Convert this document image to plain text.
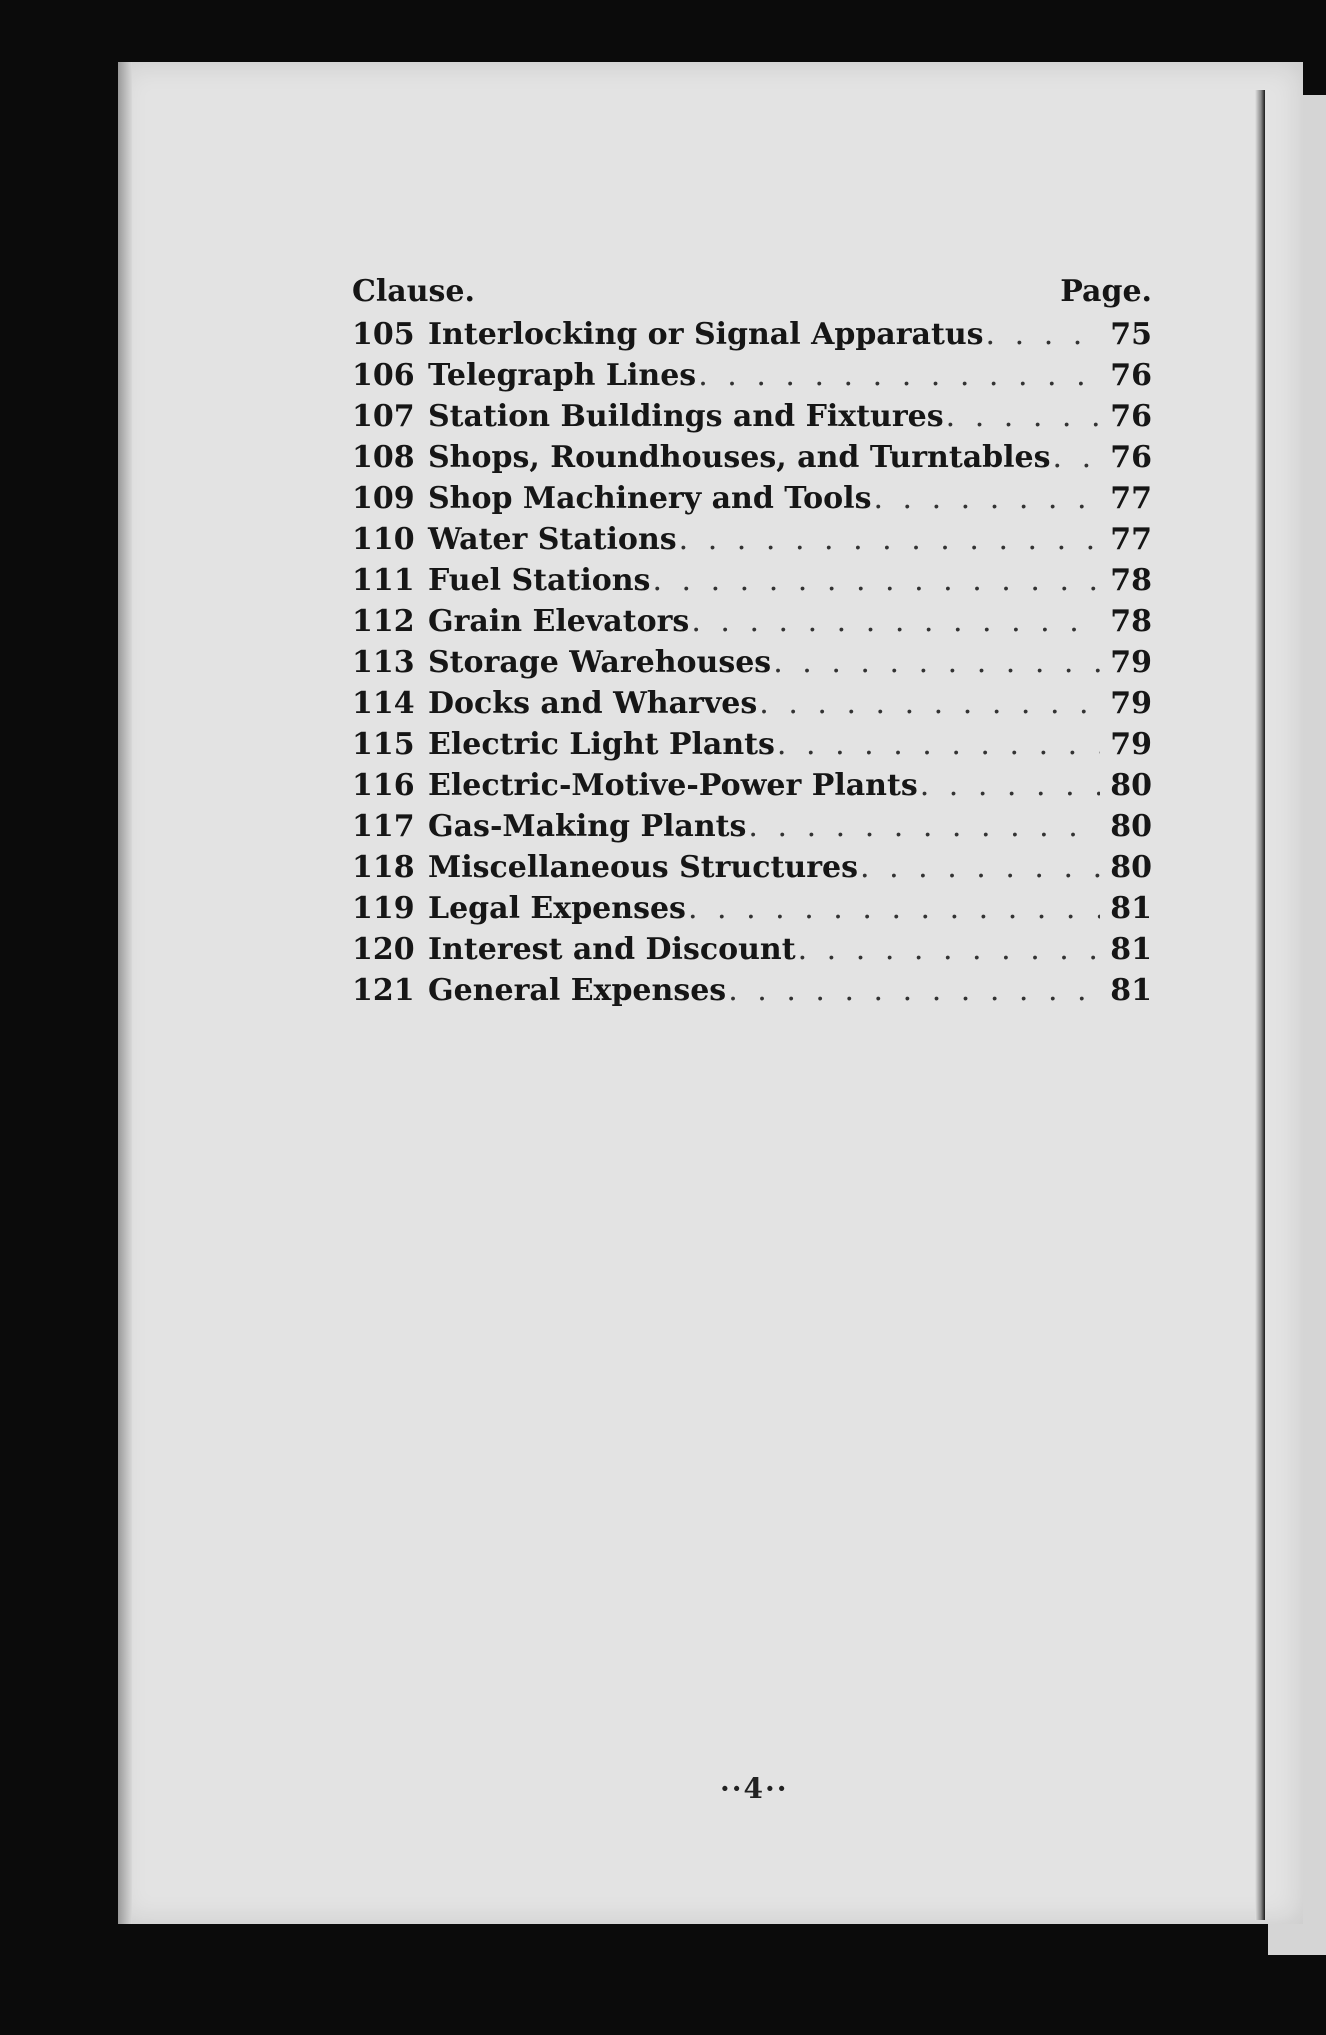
Clause.	Page.
105 Interlocking or Signal Apparatus . . .	75
106 Telegraph Lines . . .	76
107 Station Buildings and Fixtures . . .	76
108 Shops, Roundhouses, and Turntables . . . 76
109 Shop Machinery and Tools . . .	77
110 Water Stations . . .	77
111 Fuel Stations . . .	78
112 Grain Elevators . . .	78
113 Storage Warehouses . . .	79
114 Docks and Wharves . . .	79
115 Electric Light Plants . . .	79
116 Electric-Motive-Power Plants . . .	80
117 Gas-Making Plants . . .	80
118 Miscellaneous Structures . . .	80
119 Legal Expenses . . .	81
120 Interest and Discount . . .	81
121 General Expenses . . .	81
··4··
